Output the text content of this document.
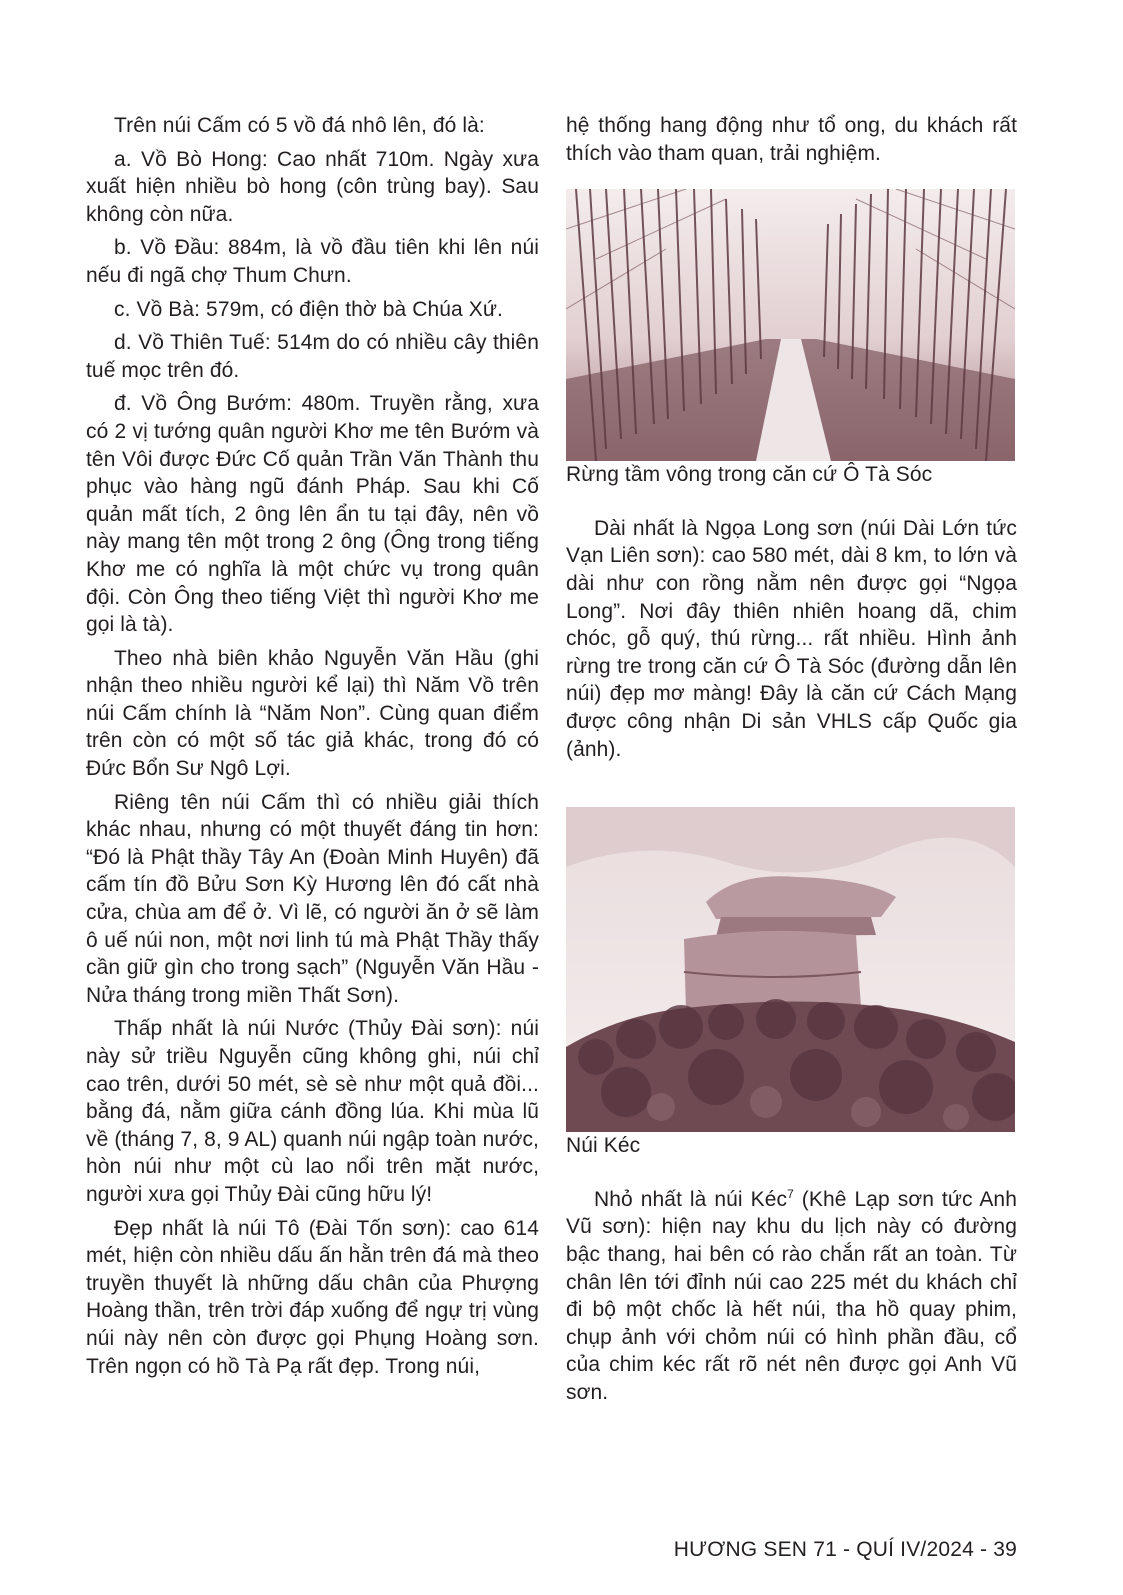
Trên núi Cấm có 5 vồ đá nhô lên, đó là:

a. Vồ Bò Hong: Cao nhất 710m. Ngày xưa xuất hiện nhiều bò hong (côn trùng bay). Sau không còn nữa.

b. Vồ Đầu: 884m, là vồ đầu tiên khi lên núi nếu đi ngã chợ Thum Chưn.

c. Vồ Bà: 579m, có điện thờ bà Chúa Xứ.

d. Vồ Thiên Tuế: 514m do có nhiều cây thiên tuế mọc trên đó.

đ. Vồ Ông Bướm: 480m. Truyền rằng, xưa có 2 vị tướng quân người Khơ me tên Bướm và tên Vôi được Đức Cố quản Trần Văn Thành thu phục vào hàng ngũ đánh Pháp. Sau khi Cố quản mất tích, 2 ông lên ẩn tu tại đây, nên vồ này mang tên một trong 2 ông (Ông trong tiếng Khơ me có nghĩa là một chức vụ trong quân đội. Còn Ông theo tiếng Việt thì người Khơ me gọi là tà).

Theo nhà biên khảo Nguyễn Văn Hầu (ghi nhận theo nhiều người kể lại) thì Năm Vồ trên núi Cấm chính là “Năm Non”. Cùng quan điểm trên còn có một số tác giả khác, trong đó có Đức Bổn Sư Ngô Lợi.

Riêng tên núi Cấm thì có nhiều giải thích khác nhau, nhưng có một thuyết đáng tin hơn: “Đó là Phật thầy Tây An (Đoàn Minh Huyên) đã cấm tín đồ Bửu Sơn Kỳ Hương lên đó cất nhà cửa, chùa am để ở. Vì lẽ, có người ăn ở sẽ làm ô uế núi non, một nơi linh tú mà Phật Thầy thấy cần giữ gìn cho trong sạch” (Nguyễn Văn Hầu - Nửa tháng trong miền Thất Sơn).

Thấp nhất là núi Nước (Thủy Đài sơn): núi này sử triều Nguyễn cũng không ghi, núi chỉ cao trên, dưới 50 mét, sè sè như một quả đồi... bằng đá, nằm giữa cánh đồng lúa. Khi mùa lũ về (tháng 7, 8, 9 AL) quanh núi ngập toàn nước, hòn núi như một cù lao nổi trên mặt nước, người xưa gọi Thủy Đài cũng hữu lý!

Đẹp nhất là núi Tô (Đài Tốn sơn): cao 614 mét, hiện còn nhiều dấu ấn hằn trên đá mà theo truyền thuyết là những dấu chân của Phượng Hoàng thần, trên trời đáp xuống để ngự trị vùng núi này nên còn được gọi Phụng Hoàng sơn. Trên ngọn có hồ Tà Pạ rất đẹp. Trong núi,

hệ thống hang động như tổ ong, du khách rất thích vào tham quan, trải nghiệm.

Rừng tầm vông trong căn cứ Ô Tà Sóc

Dài nhất là Ngọa Long sơn (núi Dài Lớn tức Vạn Liên sơn): cao 580 mét, dài 8 km, to lớn và dài như con rồng nằm nên được gọi “Ngọa Long”. Nơi đây thiên nhiên hoang dã, chim chóc, gỗ quý, thú rừng... rất nhiều. Hình ảnh rừng tre trong căn cứ Ô Tà Sóc (đường dẫn lên núi) đẹp mơ màng! Đây là căn cứ Cách Mạng được công nhận Di sản VHLS cấp Quốc gia (ảnh).

Núi Kéc

Nhỏ nhất là núi Kéc$^7$ (Khê Lạp sơn tức Anh Vũ sơn): hiện nay khu du lịch này có đường bậc thang, hai bên có rào chắn rất an toàn. Từ chân lên tới đỉnh núi cao 225 mét du khách chỉ đi bộ một chốc là hết núi, tha hồ quay phim, chụp ảnh với chỏm núi có hình phần đầu, cổ của chim kéc rất rõ nét nên được gọi Anh Vũ sơn.

HƯƠNG SEN 71 - QUÍ IV/2024 - 39
